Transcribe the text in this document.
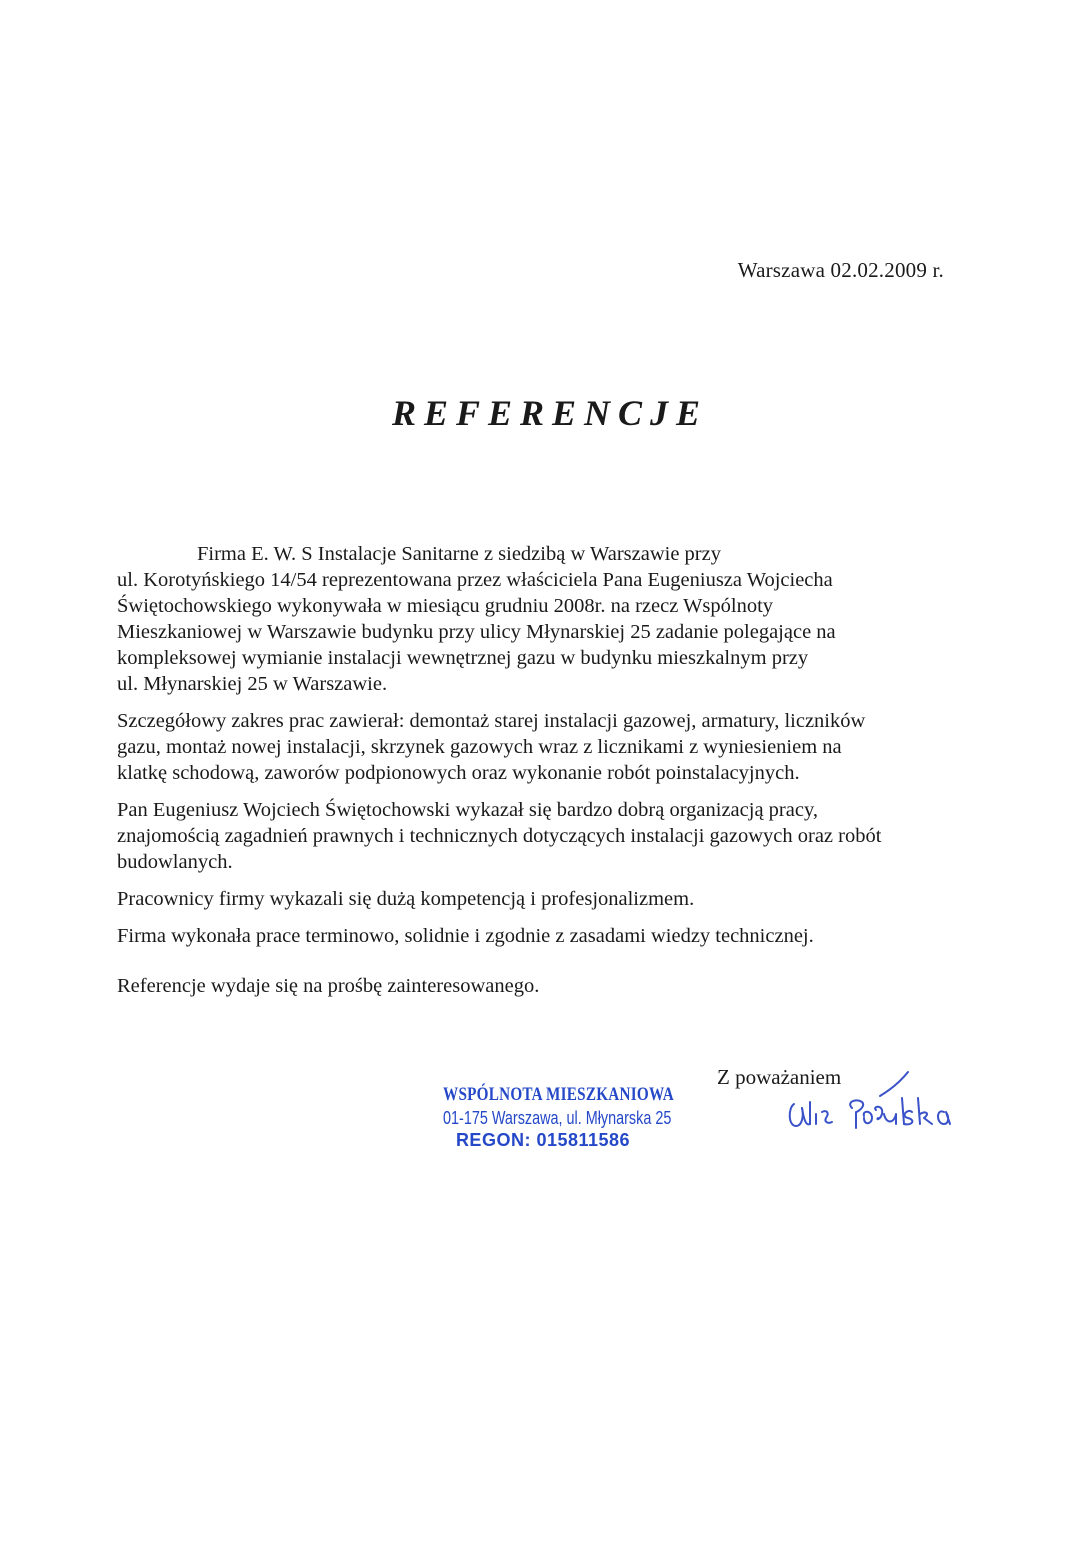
Warszawa 02.02.2009 r.
REFERENCJE

Firma E. W. S Instalacje Sanitarne z siedzibą w Warszawie przy
ul. Korotyńskiego 14/54 reprezentowana przez właściciela Pana Eugeniusza Wojciecha
Świętochowskiego wykonywała w miesiącu grudniu 2008r. na rzecz Wspólnoty
Mieszkaniowej w Warszawie budynku przy ulicy Młynarskiej 25 zadanie polegające na
kompleksowej wymianie instalacji wewnętrznej gazu w budynku mieszkalnym przy
ul. Młynarskiej 25 w Warszawie.

Szczegółowy zakres prac zawierał: demontaż starej instalacji gazowej, armatury, liczników
gazu, montaż nowej instalacji, skrzynek gazowych wraz z licznikami z wyniesieniem na
klatkę schodową, zaworów podpionowych oraz wykonanie robót poinstalacyjnych.

Pan Eugeniusz Wojciech Świętochowski wykazał się bardzo dobrą organizacją pracy,
znajomością zagadnień prawnych i technicznych dotyczących instalacji gazowych oraz robót
budowlanych.

Pracownicy firmy wykazali się dużą kompetencją i profesjonalizmem.

Firma wykonała prace terminowo, solidnie i zgodnie z zasadami wiedzy technicznej.

Referencje wydaje się na prośbę zainteresowanego.

WSPÓLNOTA MIESZKANIOWA
01-175 Warszawa, ul. Młynarska 25
REGON: 015811586
Z poważaniem
